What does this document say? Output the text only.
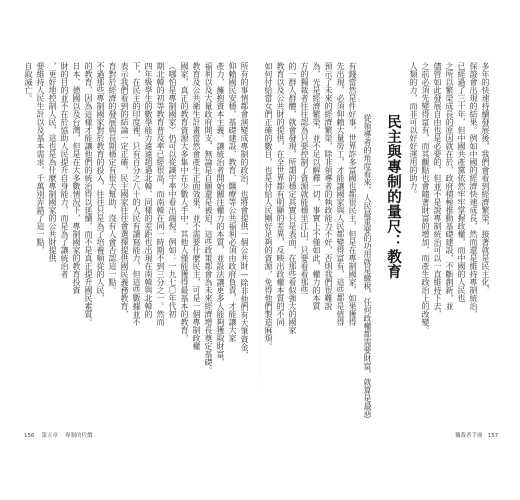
多年的快速持續發展後，我們會看到經濟繁榮，接著就是民主化，
保證會出現的結果。例如中國的經濟快速成長，然而還是維持專制統治，
已經過了三十年，但中國共產黨依然牢牢掌握政權，而中國的人民也
之所以繁榮成長的原因就在於，政府積極推動基礎建設，不斷創新，並
儘管如此發展自由也是必要的，但並不是說專制統治可以一直維持下去，
之前必須先變得富有，而其觀點也會隨著財富的增加，而產生政治上的改變。
人類的力，而非可以好好運用的助力。
民主與專制的量尺：教育
從領導者的角度看來，人民最重要的功用就是繳稅，任何政權都需要財富，就算是最惡
有錢當然是件好事，世界許多富國也都很民主，但是在專制國家，如果獲得
先出現，必須仰賴大量勞工，才能讓國家與人民都變得富有，這些都是值得
預示了未來的經濟繁榮，除非領導者的執政能力不好，否則我們很難說
為，光是經濟繁榮，並不足以解釋一切，事實上不僅如此，權力的本質
方的獨裁者往往認為只要控制了資源就能穩坐江山，只要看看那些
的一群人群體，就會發現，所謂的穩定其實只是表面，在那些看似強大的國家
教育以及公共財的提供，在全世界都有明顯的差異，反映出政權本質的不同
如何付給當女們正確的數目，也是付給人民剛好足夠的資源，免得他們製造麻煩。
所有的事情都會演變成專制的政治，也將會提供一個公共財—除非他們有大筆資金，
仰賴國民安穩，基礎建設、教育、醫療等公共福利必須由政府負責，才能讓大家
產力，擁抱資本主義。讓統治者開始關注權力的本質，並設法讓更多人能夠獲取財富，
福利以及大量政府開支，無論是自願還是被迫，這些政策都會為未來經濟增長奠定基礎。
教育及公共衛生計畫當然會產生正面效果，並不需要什麼民主，可是一個專制政權
國家，真正的教育資源大多集中在少數人手中，其他人僅能獲得最基本的教育，
（哪怕是專制國家）仍可以從識字率中看出端倪。例如：一九七〇年代初
期北韓的初等教育普及率已經很高，而南韓在同一時期不到三分之一。然而
四年級學生的數學能力遠遠超過北韓，同樣的差距也出現在南韓與北韓的
下，在民主的印度裡，只有百分之八十的人民有讀寫能力，但這些數據並不
表示我們看到的結論一定正確，民主國家往往會選擇提供國民義務教育，
育對於經濟的發展與長期穩定有很大幫助，沒有人會否認這一點。
不過那些專制國家對於教育的投入，往往只是為了培養順從的人民，
的教育，因為這樣才能讓他們的統治得以延續，而不是真正提升國民素質。
日本、德國以及台灣，但是在大多數情況下，專制國家的教育投資
財的目的並不在於協助人民提升自身能力，而是為了讓統治者
，更好地控制人民，這也是為什麼專制國家的公共財提供
要維持人民生計以及基本需求，千萬別弄錯了這一點，
自取滅亡。
156 第五章 專制的代價	獨裁者手冊 157
